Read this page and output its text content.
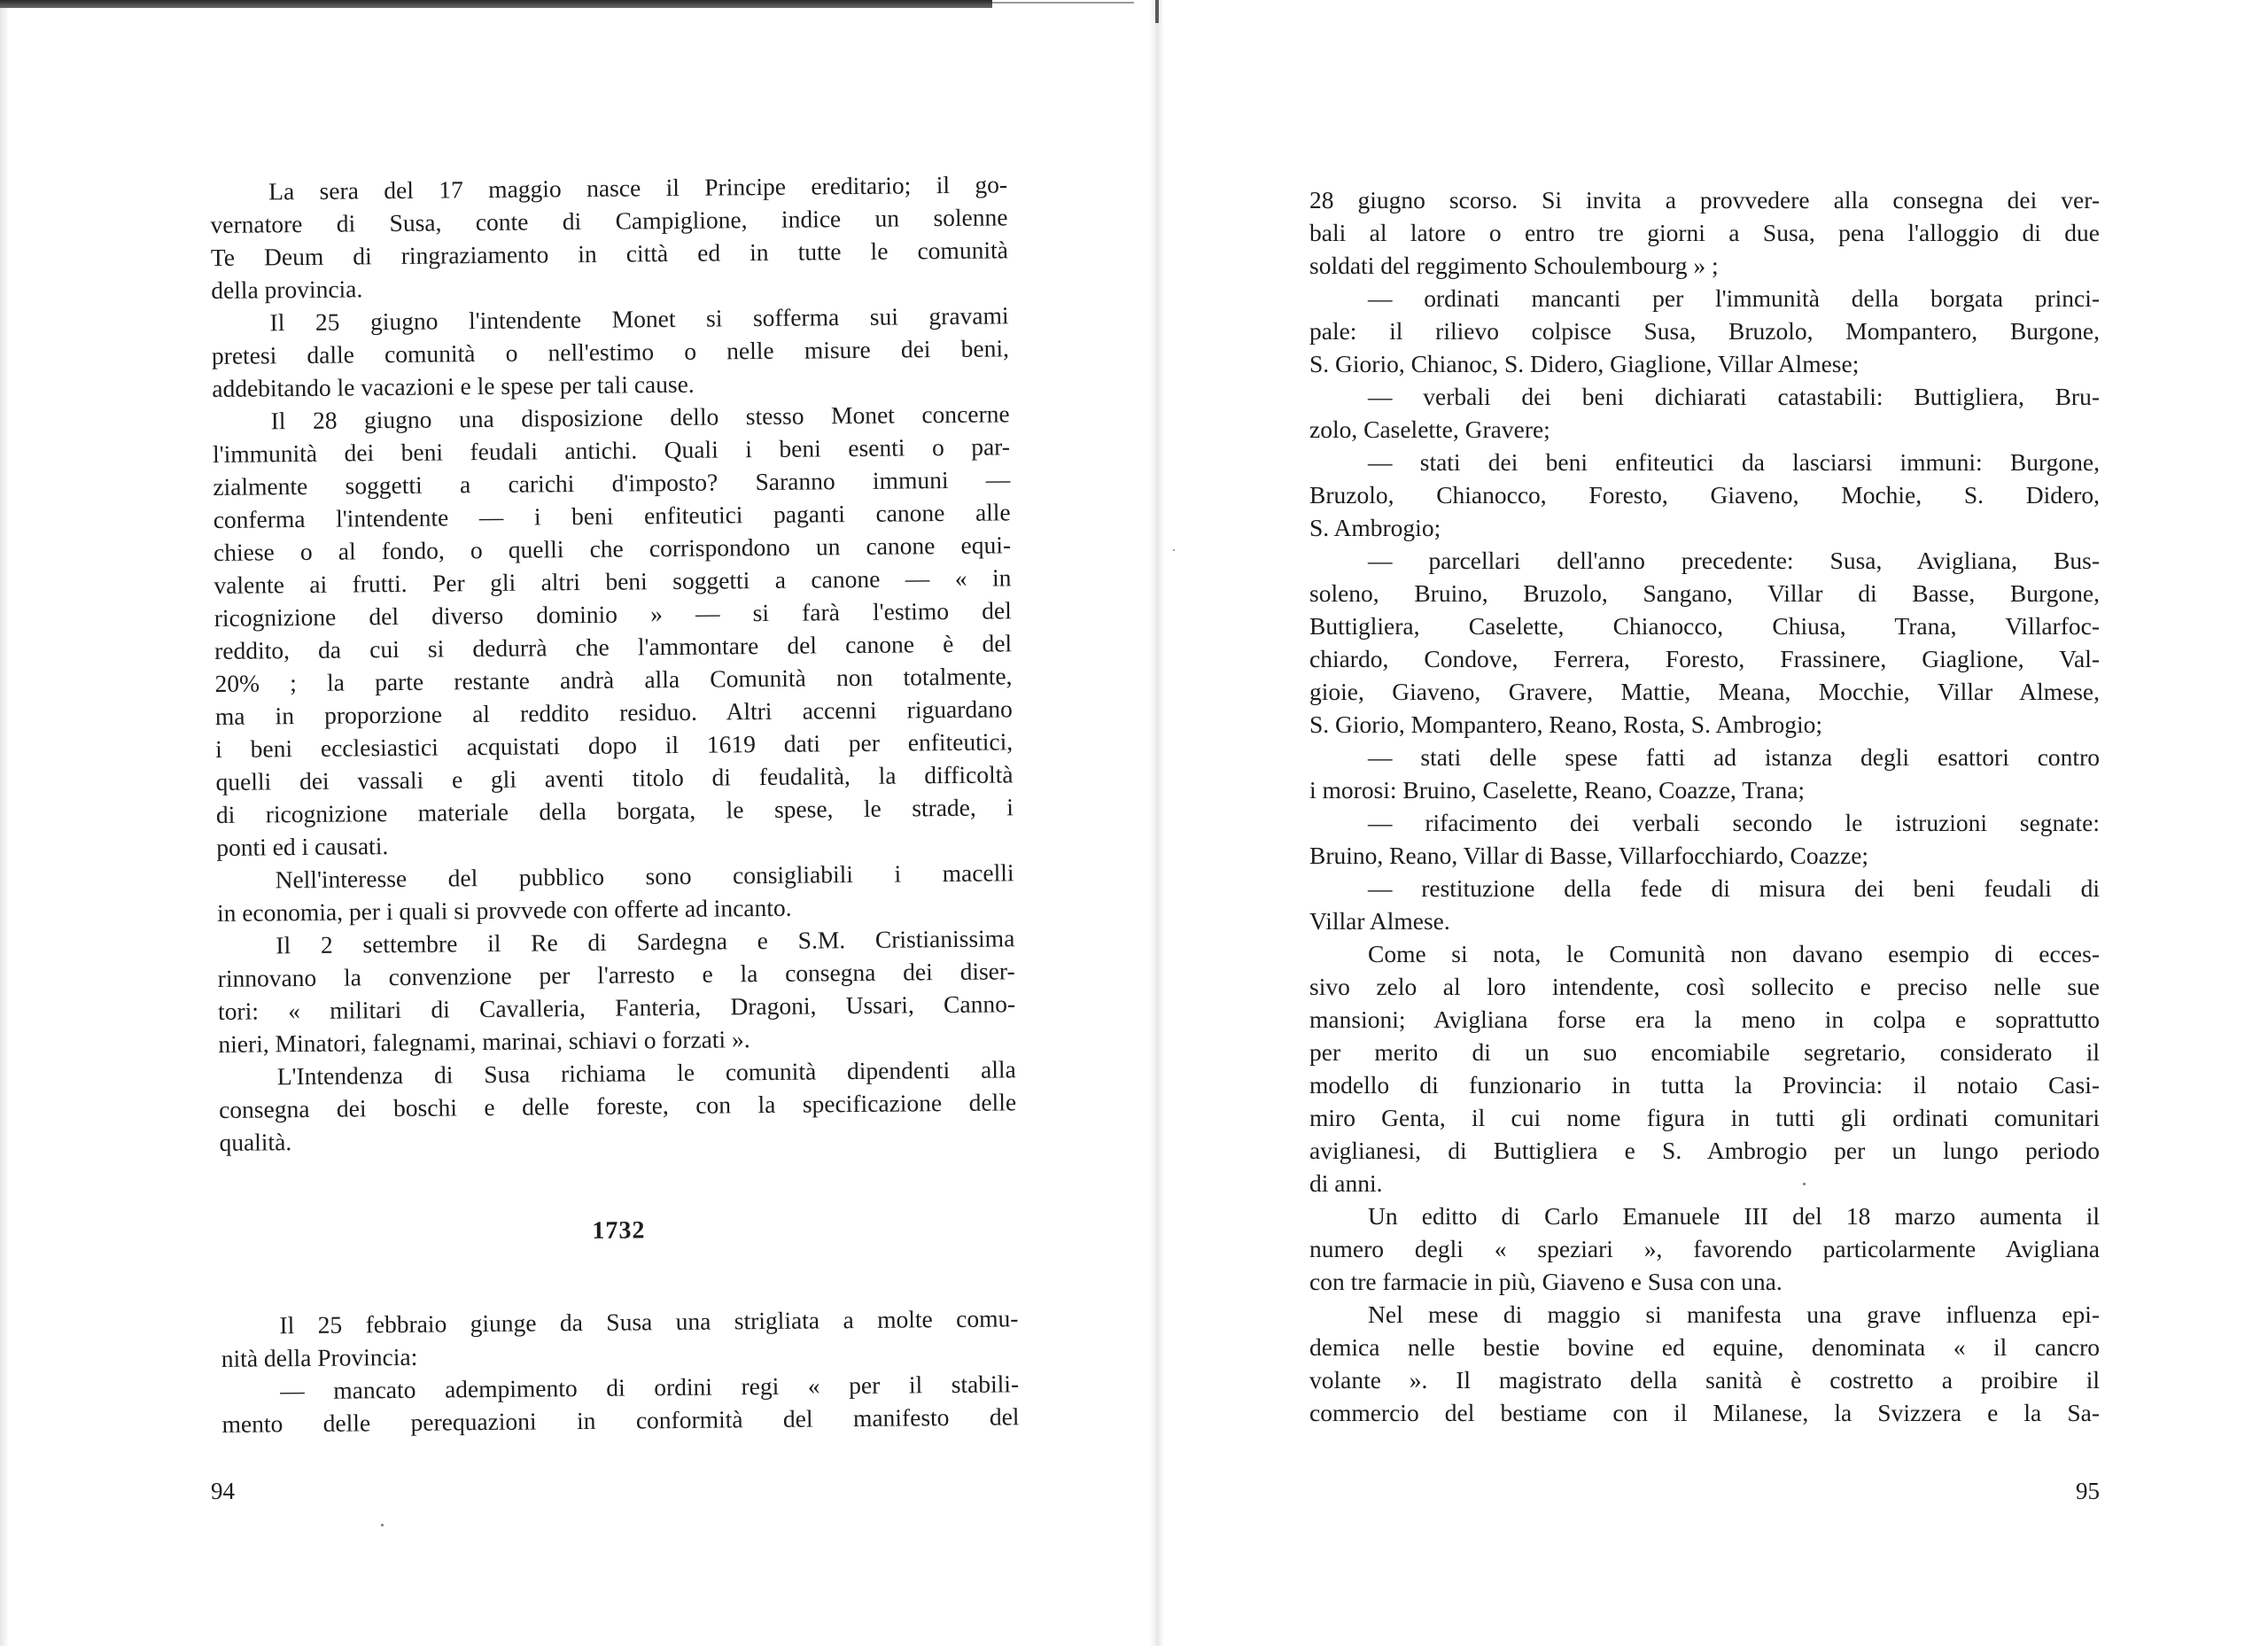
La sera del 17 maggio nasce il Principe ereditario; il go-
vernatore di Susa, conte di Campiglione, indice un solenne
Te Deum di ringraziamento in città ed in tutte le comunità
della provincia.
Il 25 giugno l'intendente Monet si sofferma sui gravami
pretesi dalle comunità o nell'estimo o nelle misure dei beni,
addebitando le vacazioni e le spese per tali cause.
Il 28 giugno una disposizione dello stesso Monet concerne
l'immunità dei beni feudali antichi. Quali i beni esenti o par-
zialmente soggetti a carichi d'imposto? Saranno immuni —
conferma l'intendente — i beni enfiteutici paganti canone alle
chiese o al fondo, o quelli che corrispondono un canone equi-
valente ai frutti. Per gli altri beni soggetti a canone — « in
ricognizione del diverso dominio » — si farà l'estimo del
reddito, da cui si dedurrà che l'ammontare del canone è del
20% ; la parte restante andrà alla Comunità non totalmente,
ma in proporzione al reddito residuo. Altri accenni riguardano
i beni ecclesiastici acquistati dopo il 1619 dati per enfiteutici,
quelli dei vassali e gli aventi titolo di feudalità, la difficoltà
di ricognizione materiale della borgata, le spese, le strade, i
ponti ed i causati.
Nell'interesse del pubblico sono consigliabili i macelli
in economia, per i quali si provvede con offerte ad incanto.
Il 2 settembre il Re di Sardegna e S.M. Cristianissima
rinnovano la convenzione per l'arresto e la consegna dei diser-
tori: « militari di Cavalleria, Fanteria, Dragoni, Ussari, Canno-
nieri, Minatori, falegnami, marinai, schiavi o forzati ».
L'Intendenza di Susa richiama le comunità dipendenti alla
consegna dei boschi e delle foreste, con la specificazione delle
qualità.
1732
Il 25 febbraio giunge da Susa una strigliata a molte comu-
nità della Provincia:
— mancato adempimento di ordini regi « per il stabili-
mento delle perequazioni in conformità del manifesto del
94
28 giugno scorso. Si invita a provvedere alla consegna dei ver-
bali al latore o entro tre giorni a Susa, pena l'alloggio di due
soldati del reggimento Schoulembourg » ;
— ordinati mancanti per l'immunità della borgata princi-
pale: il rilievo colpisce Susa, Bruzolo, Mompantero, Burgone,
S. Giorio, Chianoc, S. Didero, Giaglione, Villar Almese;
— verbali dei beni dichiarati catastabili: Buttigliera, Bru-
zolo, Caselette, Gravere;
— stati dei beni enfiteutici da lasciarsi immuni: Burgone,
Bruzolo, Chianocco, Foresto, Giaveno, Mochie, S. Didero,
S. Ambrogio;
— parcellari dell'anno precedente: Susa, Avigliana, Bus-
soleno, Bruino, Bruzolo, Sangano, Villar di Basse, Burgone,
Buttigliera, Caselette, Chianocco, Chiusa, Trana, Villarfoc-
chiardo, Condove, Ferrera, Foresto, Frassinere, Giaglione, Val-
gioie, Giaveno, Gravere, Mattie, Meana, Mocchie, Villar Almese,
S. Giorio, Mompantero, Reano, Rosta, S. Ambrogio;
— stati delle spese fatti ad istanza degli esattori contro
i morosi: Bruino, Caselette, Reano, Coazze, Trana;
— rifacimento dei verbali secondo le istruzioni segnate:
Bruino, Reano, Villar di Basse, Villarfocchiardo, Coazze;
— restituzione della fede di misura dei beni feudali di
Villar Almese.
Come si nota, le Comunità non davano esempio di ecces-
sivo zelo al loro intendente, così sollecito e preciso nelle sue
mansioni; Avigliana forse era la meno in colpa e soprattutto
per merito di un suo encomiabile segretario, considerato il
modello di funzionario in tutta la Provincia: il notaio Casi-
miro Genta, il cui nome figura in tutti gli ordinati comunitari
aviglianesi, di Buttigliera e S. Ambrogio per un lungo periodo
di anni.
Un editto di Carlo Emanuele III del 18 marzo aumenta il
numero degli « speziari », favorendo particolarmente Avigliana
con tre farmacie in più, Giaveno e Susa con una.
Nel mese di maggio si manifesta una grave influenza epi-
demica nelle bestie bovine ed equine, denominata « il cancro
volante ». Il magistrato della sanità è costretto a proibire il
commercio del bestiame con il Milanese, la Svizzera e la Sa-
95
